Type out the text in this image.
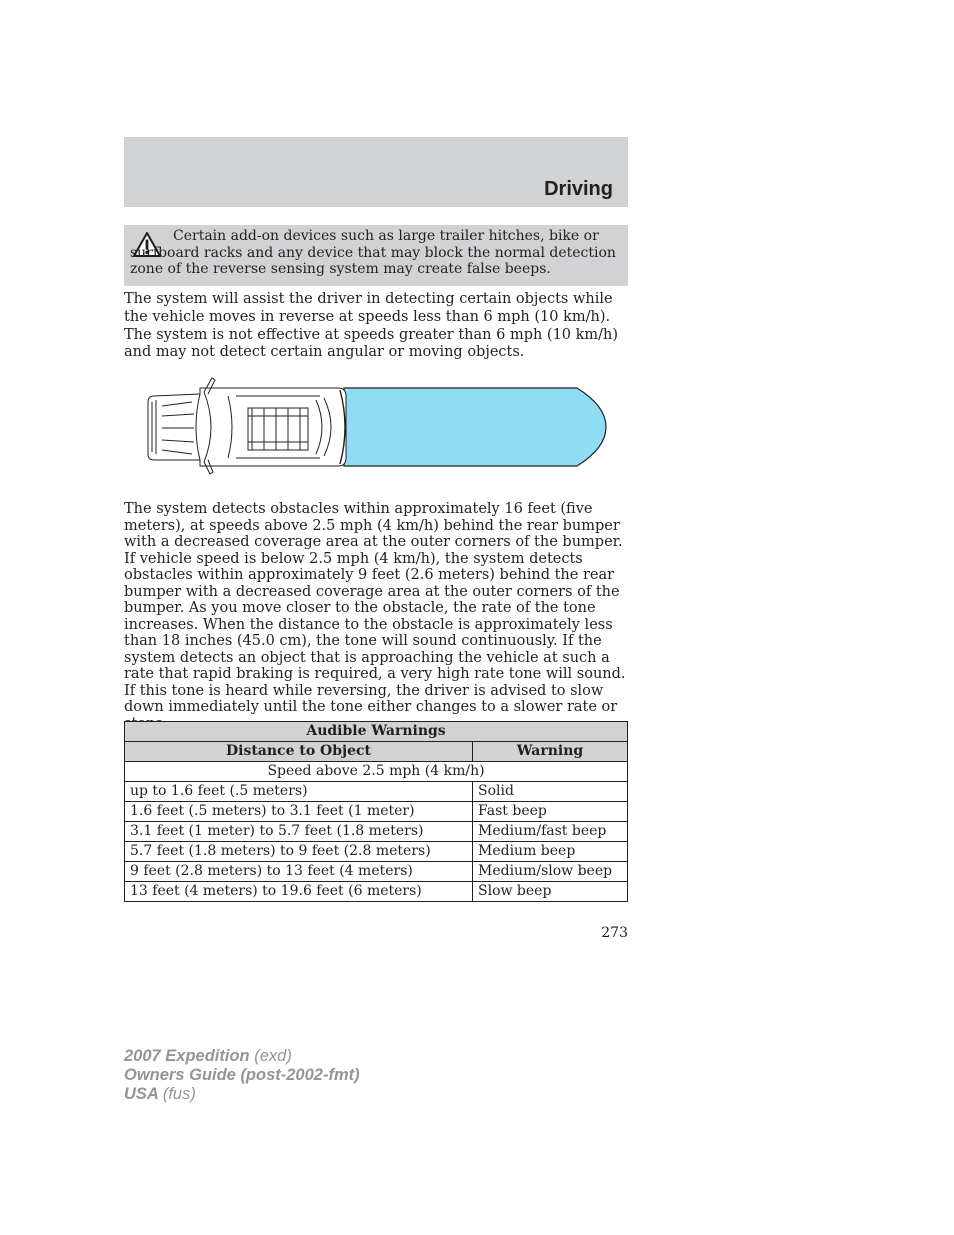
Driving
Certain add-on devices such as large trailer hitches, bike or surfboard racks and any device that may block the normal detection zone of the reverse sensing system may create false beeps.

The system will assist the driver in detecting certain objects while the vehicle moves in reverse at speeds less than 6 mph (10 km/h). The system is not effective at speeds greater than 6 mph (10 km/h) and may not detect certain angular or moving objects.

The system detects obstacles within approximately 16 feet (five meters), at speeds above 2.5 mph (4 km/h) behind the rear bumper with a decreased coverage area at the outer corners of the bumper. If vehicle speed is below 2.5 mph (4 km/h), the system detects obstacles within approximately 9 feet (2.6 meters) behind the rear bumper with a decreased coverage area at the outer corners of the bumper. As you move closer to the obstacle, the rate of the tone increases. When the distance to the obstacle is approximately less than 18 inches (45.0 cm), the tone will sound continuously. If the system detects an object that is approaching the vehicle at such a rate that rapid braking is required, a very high rate tone will sound. If this tone is heard while reversing, the driver is advised to slow down immediately until the tone either changes to a slower rate or

Audible Warnings	
Distance to Object	Warning
Speed above 2.5 mph (4 km/h)	
up to 1.6 feet (.5 meters)	Solid
1.6 feet (.5 meters) to 3.1 feet (1 meter)	Fast beep
3.1 feet (1 meter) to 5.7 feet (1.8 meters)	Medium/fast beep
5.7 feet (1.8 meters) to 9 feet (2.8 meters)	Medium beep
9 feet (2.8 meters) to 13 feet (4 meters)	Medium/slow beep
13 feet (4 meters) to 19.6 feet (6 meters)	Slow beep
273
2007 Expedition (exd)
Owners Guide (post-2002-fmt)
USA (fus)
